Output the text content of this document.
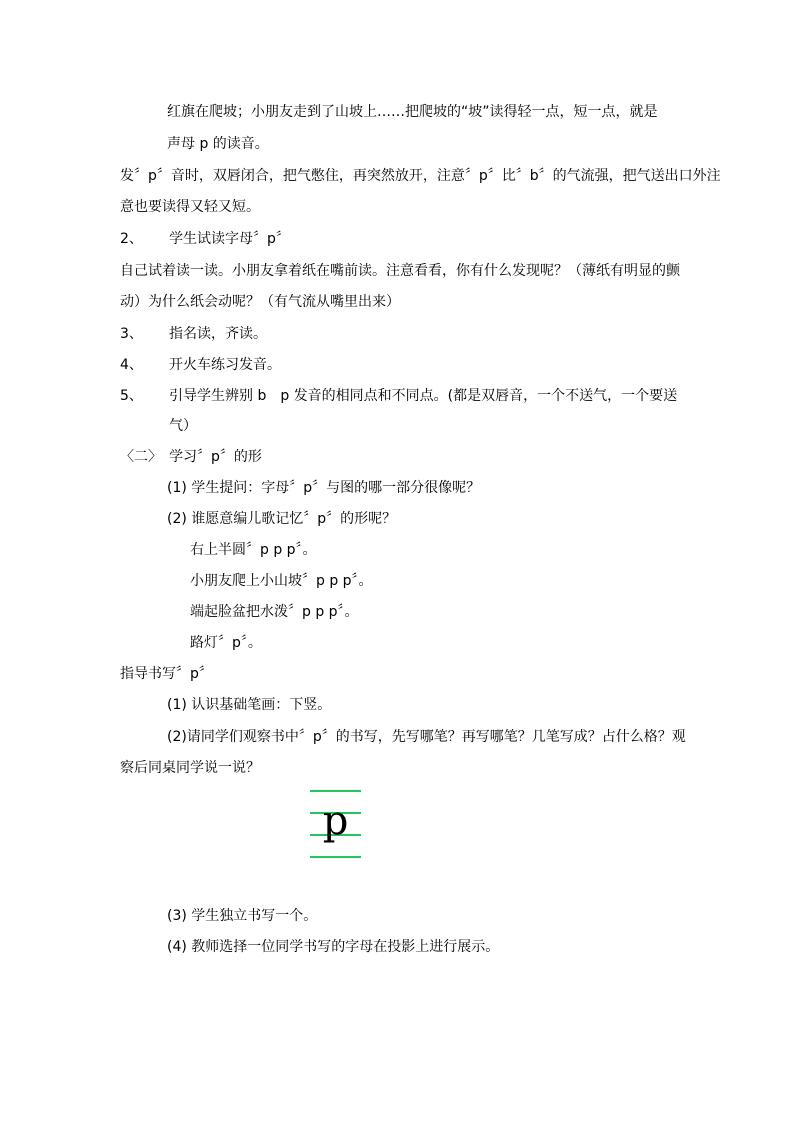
红旗在爬坡；小朋友走到了山坡上……把爬坡的“坡”读得轻一点，短一点，就是
声母 p 的读音。
发〞p〞音时，双唇闭合，把气憋住，再突然放开，注意〞p〞比〞b〞的气流强，把气送出口外注
意也要读得又轻又短。
2、 学生试读字母〞p〞
自己试着读一读。小朋友拿着纸在嘴前读。注意看看，你有什么发现呢？（薄纸有明显的颤
动）为什么纸会动呢？（有气流从嘴里出来）
3、 指名读，齐读。
4、 开火车练习发音。
5、 引导学生辨别 b　p 发音的相同点和不同点。(都是双唇音，一个不送气，一个要送
气）
〈二〉　学习〞p〞的形
(1) 学生提问：字母〞p〞与图的哪一部分很像呢？
(2) 谁愿意编儿歌记忆〞p〞的形呢？
右上半圆〞p p p〞。
小朋友爬上小山坡〞p p p〞。
端起脸盆把水泼〞p p p〞。
路灯〞p〞。
指导书写〞p〞
(1) 认识基础笔画：下竖。
(2)请同学们观察书中〞p〞的书写，先写哪笔？再写哪笔？几笔写成？占什么格？观
察后同桌同学说一说？
p
(3) 学生独立书写一个。
(4) 教师选择一位同学书写的字母在投影上进行展示。
